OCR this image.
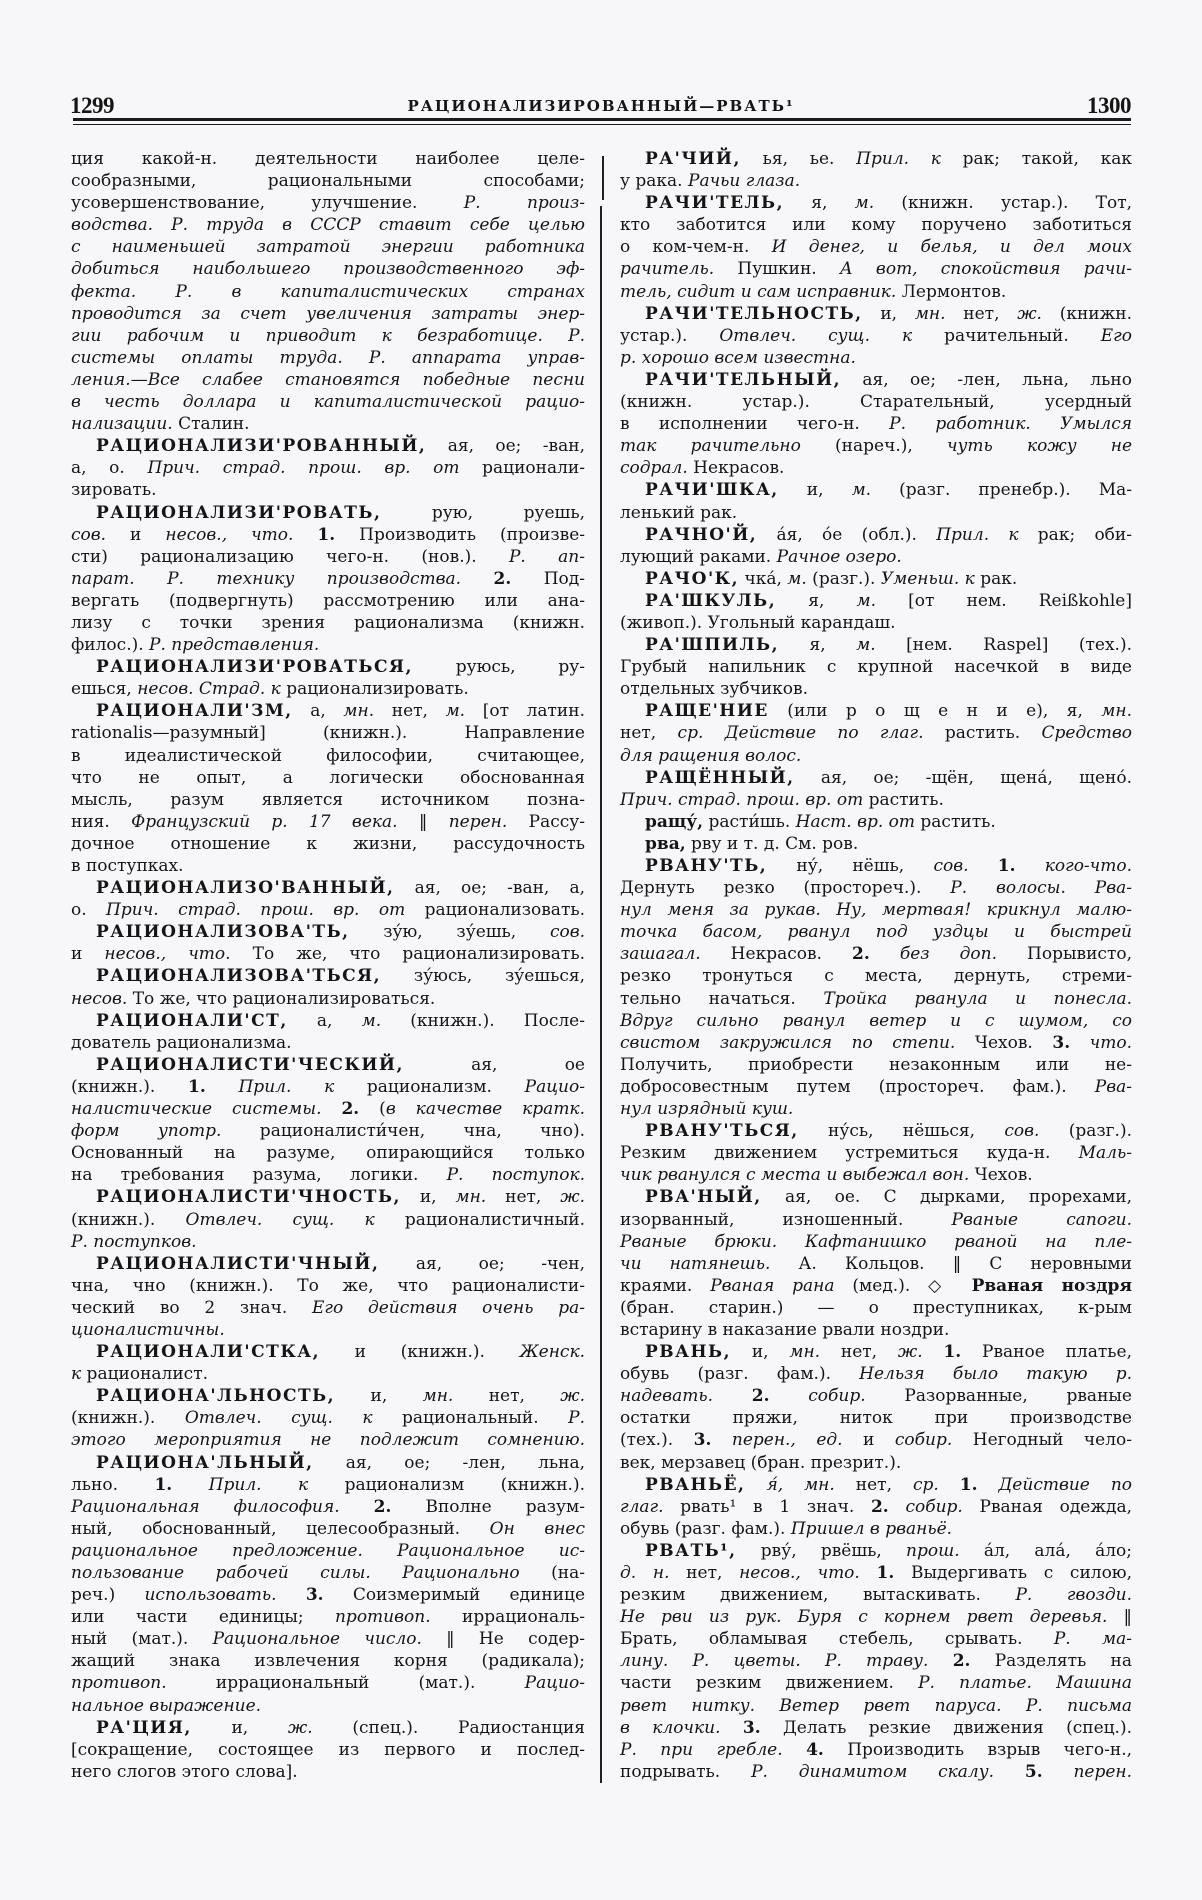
1299	РАЦИОНАЛИЗИРОВАННЫЙ—РВАТЬ¹	1300
ция какой-н. деятельности наиболее целе-
сообразными, рациональными способами;
усовершенствование, улучшение. Р. произ-
водства. Р. труда в СССР ставит себе целью
с наименьшей затратой энергии работника
добиться наибольшего производственного эф-
фекта. Р. в капиталистических странах
проводится за счет увеличения затраты энер-
гии рабочим и приводит к безработице. Р.
системы оплаты труда. Р. аппарата управ-
ления.—Все слабее становятся победные песни
в честь доллара и капиталистической рацио-
нализации. Сталин.
РАЦИОНАЛИЗИ'РОВАННЫЙ, ая, ое; -ван,
а, о. Прич. страд. прош. вр. от рационали-
зировать.
РАЦИОНАЛИЗИ'РОВАТЬ, рую, руешь,
сов. и несов., что. 1. Производить (произве-
сти) рационализацию чего-н. (нов.). Р. ап-
парат. Р. технику производства. 2. Под-
вергать (подвергнуть) рассмотрению или ана-
лизу с точки зрения рационализма (книжн.
филос.). Р. представления.
РАЦИОНАЛИЗИ'РОВАТЬСЯ, руюсь, ру-
ешься, несов. Страд. к рационализировать.
РАЦИОНАЛИ'ЗМ, а, мн. нет, м. [от латин.
rationalis—разумный] (книжн.). Направление
в идеалистической философии, считающее,
что не опыт, а логически обоснованная
мысль, разум является источником позна-
ния. Французский р. 17 века. ‖ перен. Рассу-
дочное отношение к жизни, рассудочность
в поступках.
РАЦИОНАЛИЗО'ВАННЫЙ, ая, ое; -ван, а,
о. Прич. страд. прош. вр. от рационализовать.
РАЦИОНАЛИЗОВА'ТЬ, зу́ю, зу́ешь, сов.
и несов., что. То же, что рационализировать.
РАЦИОНАЛИЗОВА'ТЬСЯ, зу́юсь, зу́ешься,
несов. То же, что рационализироваться.
РАЦИОНАЛИ'СТ, а, м. (книжн.). После-
дователь рационализма.
РАЦИОНАЛИСТИ'ЧЕСКИЙ, ая, ое
(книжн.). 1. Прил. к рационализм. Рацио-
налистические системы. 2. (в качестве кратк.
форм употр. рационалисти́чен, чна, чно).
Основанный на разуме, опирающийся только
на требования разума, логики. Р. поступок.
РАЦИОНАЛИСТИ'ЧНОСТЬ, и, мн. нет, ж.
(книжн.). Отвлеч. сущ. к рационалистичный.
Р. поступков.
РАЦИОНАЛИСТИ'ЧНЫЙ, ая, ое; -чен,
чна, чно (книжн.). То же, что рационалисти-
ческий во 2 знач. Его действия очень ра-
ционалистичны.
РАЦИОНАЛИ'СТКА, и (книжн.). Женск.
к рационалист.
РАЦИОНА'ЛЬНОСТЬ, и, мн. нет, ж.
(книжн.). Отвлеч. сущ. к рациональный. Р.
этого мероприятия не подлежит сомнению.
РАЦИОНА'ЛЬНЫЙ, ая, ое; -лен, льна,
льно. 1. Прил. к рационализм (книжн.).
Рациональная философия. 2. Вполне разум-
ный, обоснованный, целесообразный. Он внес
рациональное предложение. Рациональное ис-
пользование рабочей силы. Рационально (на-
реч.) использовать. 3. Соизмеримый единице
или части единицы; противоп. иррациональ-
ный (мат.). Рациональное число. ‖ Не содер-
жащий знака извлечения корня (радикала);
противоп. иррациональный (мат.). Рацио-
нальное выражение.
РА'ЦИЯ, и, ж. (спец.). Радиостанция
[сокращение, состоящее из первого и послед-
него слогов этого слова].
РА'ЧИЙ, ья, ье. Прил. к рак; такой, как
у рака. Рачьи глаза.
РАЧИ'ТЕЛЬ, я, м. (книжн. устар.). Тот,
кто заботится или кому поручено заботиться
о ком-чем-н. И денег, и белья, и дел моих
рачитель. Пушкин. А вот, спокойствия рачи-
тель, сидит и сам исправник. Лермонтов.
РАЧИ'ТЕЛЬНОСТЬ, и, мн. нет, ж. (книжн.
устар.). Отвлеч. сущ. к рачительный. Его
р. хорошо всем известна.
РАЧИ'ТЕЛЬНЫЙ, ая, ое; -лен, льна, льно
(книжн. устар.). Старательный, усердный
в исполнении чего-н. Р. работник. Умылся
так рачительно (нареч.), чуть кожу не
содрал. Некрасов.
РАЧИ'ШКА, и, м. (разг. пренебр.). Ма-
ленький рак.
РАЧНО'Й, а́я, о́е (обл.). Прил. к рак; оби-
лующий раками. Рачное озеро.
РАЧО'К, чка́, м. (разг.). Уменьш. к рак.
РА'ШКУЛЬ, я, м. [от нем. Reißkohle]
(живоп.). Угольный карандаш.
РА'ШПИЛЬ, я, м. [нем. Raspel] (тех.).
Грубый напильник с крупной насечкой в виде
отдельных зубчиков.
РАЩЕ'НИЕ (или р о щ е н и е), я, мн.
нет, ср. Действие по глаг. растить. Средство
для ращения волос.
РАЩЁННЫЙ, ая, ое; -щён, щена́, щено́.
Прич. страд. прош. вр. от растить.
ращу́, расти́шь. Наст. вр. от растить.
рва, рву и т. д. См. ров.
РВАНУ'ТЬ, ну́, нёшь, сов. 1. кого-что.
Дернуть резко (простореч.). Р. волосы. Рва-
нул меня за рукав. Ну, мертвая! крикнул малю-
точка басом, рванул под уздцы и быстрей
зашагал. Некрасов. 2. без доп. Порывисто,
резко тронуться с места, дернуть, стреми-
тельно начаться. Тройка рванула и понесла.
Вдруг сильно рванул ветер и с шумом, со
свистом закружился по степи. Чехов. 3. что.
Получить, приобрести незаконным или не-
добросовестным путем (простореч. фам.). Рва-
нул изрядный куш.
РВАНУ'ТЬСЯ, ну́сь, нёшься, сов. (разг.).
Резким движением устремиться куда-н. Маль-
чик рванулся с места и выбежал вон. Чехов.
РВА'НЫЙ, ая, ое. С дырками, прорехами,
изорванный, изношенный. Рваные сапоги.
Рваные брюки. Кафтанишко рваной на пле-
чи натянешь. А. Кольцов. ‖ С неровными
краями. Рваная рана (мед.). ◇ Рваная ноздря
(бран. старин.) — о преступниках, к-рым
встарину в наказание рвали ноздри.
РВАНЬ, и, мн. нет, ж. 1. Рваное платье,
обувь (разг. фам.). Нельзя было такую р.
надевать. 2. собир. Разорванные, рваные
остатки пряжи, ниток при производстве
(тех.). 3. перен., ед. и собир. Негодный чело-
век, мерзавец (бран. презрит.).
РВАНЬЁ, я́, мн. нет, ср. 1. Действие по
глаг. рвать¹ в 1 знач. 2. собир. Рваная одежда,
обувь (разг. фам.). Пришел в рваньё.
РВАТЬ¹, рву́, рвёшь, прош. а́л, ала́, а́ло;
д. н. нет, несов., что. 1. Выдергивать с силою,
резким движением, вытаскивать. Р. гвозди.
Не рви из рук. Буря с корнем рвет деревья. ‖
Брать, обламывая стебель, срывать. Р. ма-
лину. Р. цветы. Р. траву. 2. Разделять на
части резким движением. Р. платье. Машина
рвет нитку. Ветер рвет паруса. Р. письма
в клочки. 3. Делать резкие движения (спец.).
Р. при гребле. 4. Производить взрыв чего-н.,
подрывать. Р. динамитом скалу. 5. перен.
